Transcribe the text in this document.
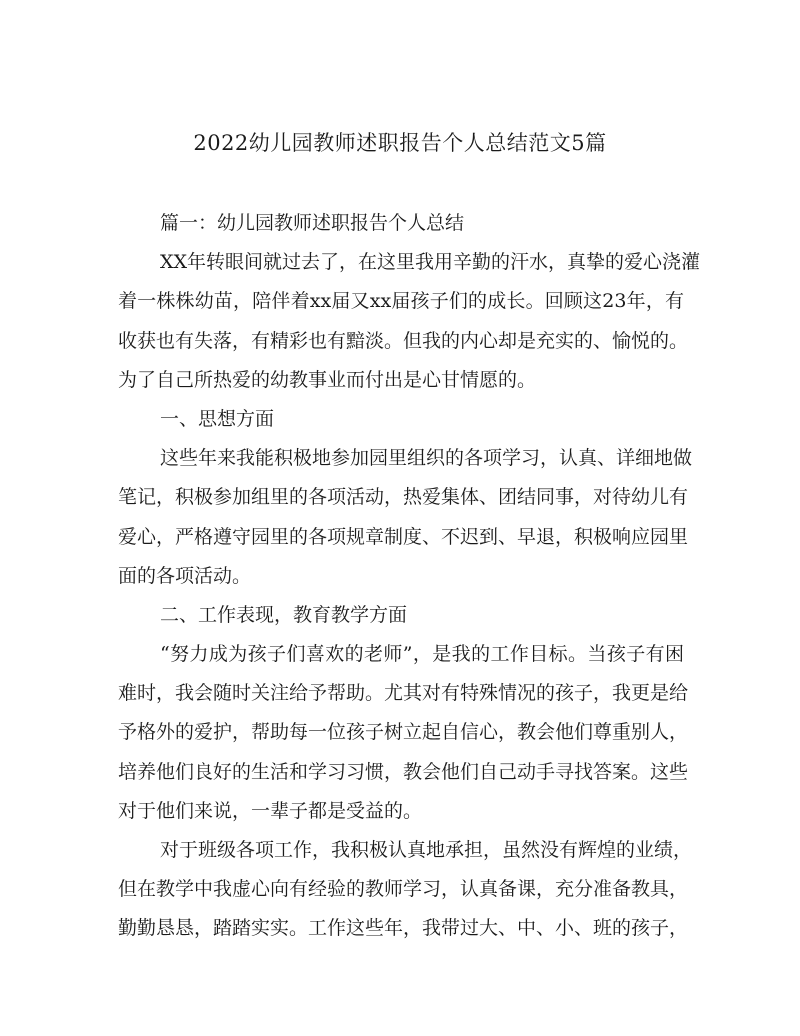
2022幼儿园教师述职报告个人总结范文5篇
篇一：幼儿园教师述职报告个人总结
XX年转眼间就过去了，在这里我用辛勤的汗水，真挚的爱心浇灌
着一株株幼苗，陪伴着xx届又xx届孩子们的成长。回顾这23年，有
收获也有失落，有精彩也有黯淡。但我的内心却是充实的、愉悦的。
为了自己所热爱的幼教事业而付出是心甘情愿的。
一、思想方面
这些年来我能积极地参加园里组织的各项学习，认真、详细地做
笔记，积极参加组里的各项活动，热爱集体、团结同事，对待幼儿有
爱心，严格遵守园里的各项规章制度、不迟到、早退，积极响应园里
面的各项活动。
二、工作表现，教育教学方面
“努力成为孩子们喜欢的老师”，是我的工作目标。当孩子有困
难时，我会随时关注给予帮助。尤其对有特殊情况的孩子，我更是给
予格外的爱护，帮助每一位孩子树立起自信心，教会他们尊重别人，
培养他们良好的生活和学习习惯，教会他们自己动手寻找答案。这些
对于他们来说，一辈子都是受益的。
对于班级各项工作，我积极认真地承担，虽然没有辉煌的业绩，
但在教学中我虚心向有经验的教师学习，认真备课，充分准备教具，
勤勤恳恳，踏踏实实。工作这些年，我带过大、中、小、班的孩子，
